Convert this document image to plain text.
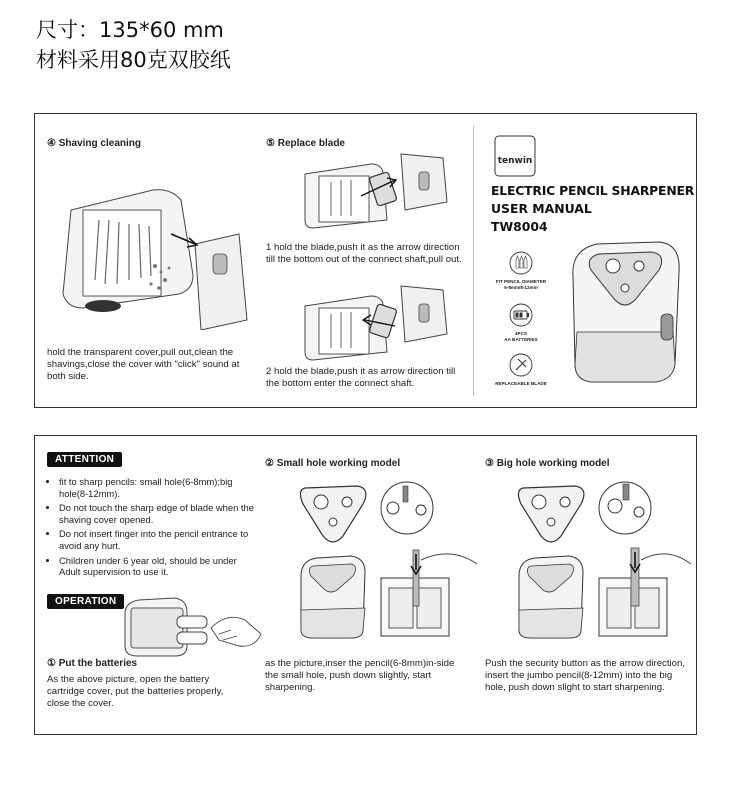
尺寸：135*60 mm
材料采用80克双胶纸
④ Shaving cleaning
hold the transparent cover,pull out,clean the shavings,close the cover with "click" sound at both side.
⑤ Replace blade
1 hold the blade,push it as the arrow direction till the bottom out of the connect shaft,pull out.
2 hold the blade,push it as arrow direction till the bottom enter the connect shaft.
tenwin
ELECTRIC PENCIL SHARPENER
USER MANUAL
TW8004
FIT PENCIL DIAMETER
6-8mm/8-12mm
4PCS
AA BATTERIES
REPLACEABLE BLADE
ATTENTION
• fit to sharp pencils: small hole(6-8mm);big hole(8-12mm).
• Do not touch the sharp edge of blade when the shaving cover opened.
• Do not insert finger into the pencil entrance to avoid any hurt.
• Children under 6 year old, should be under Adult supervision to use it.
OPERATION
① Put the batteries
As the above picture, open the battery cartridge cover, put the batteries properly, close the cover.
② Small hole working model
as the picture,inser the pencil(6-8mm)in-side the small hole, push down slightly, start sharpening.
③ Big hole working model
Push the security button as the arrow direction, insert the jumbo pencil(8-12mm) into the big hole, push down slight to start sharpening.
